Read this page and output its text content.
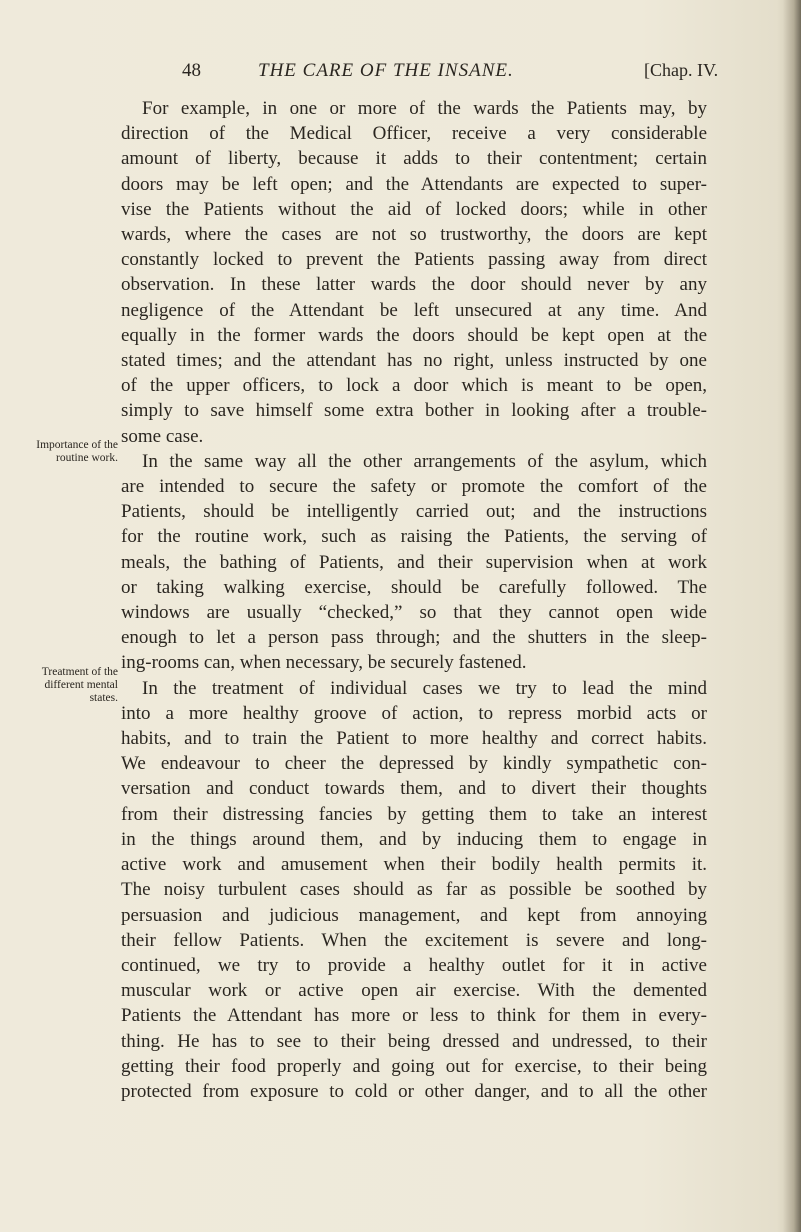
48	THE CARE OF THE INSANE.	[Chap. IV.
Importance of the routine work.
Treatment of the different mental states.
For example, in one or more of the wards the Patients may, by
direction of the Medical Officer, receive a very considerable
amount of liberty, because it adds to their contentment; certain
doors may be left open; and the Attendants are expected to super-
vise the Patients without the aid of locked doors; while in other
wards, where the cases are not so trustworthy, the doors are kept
constantly locked to prevent the Patients passing away from direct
observation. In these latter wards the door should never by any
negligence of the Attendant be left unsecured at any time. And
equally in the former wards the doors should be kept open at the
stated times; and the attendant has no right, unless instructed by one
of the upper officers, to lock a door which is meant to be open,
simply to save himself some extra bother in looking after a trouble-
some case.
In the same way all the other arrangements of the asylum, which
are intended to secure the safety or promote the comfort of the
Patients, should be intelligently carried out; and the instructions
for the routine work, such as raising the Patients, the serving of
meals, the bathing of Patients, and their supervision when at work
or taking walking exercise, should be carefully followed. The
windows are usually “checked,” so that they cannot open wide
enough to let a person pass through; and the shutters in the sleep-
ing-rooms can, when necessary, be securely fastened.
In the treatment of individual cases we try to lead the mind
into a more healthy groove of action, to repress morbid acts or
habits, and to train the Patient to more healthy and correct habits.
We endeavour to cheer the depressed by kindly sympathetic con-
versation and conduct towards them, and to divert their thoughts
from their distressing fancies by getting them to take an interest
in the things around them, and by inducing them to engage in
active work and amusement when their bodily health permits it.
The noisy turbulent cases should as far as possible be soothed by
persuasion and judicious management, and kept from annoying
their fellow Patients. When the excitement is severe and long-
continued, we try to provide a healthy outlet for it in active
muscular work or active open air exercise. With the demented
Patients the Attendant has more or less to think for them in every-
thing. He has to see to their being dressed and undressed, to their
getting their food properly and going out for exercise, to their being
protected from exposure to cold or other danger, and to all the other
